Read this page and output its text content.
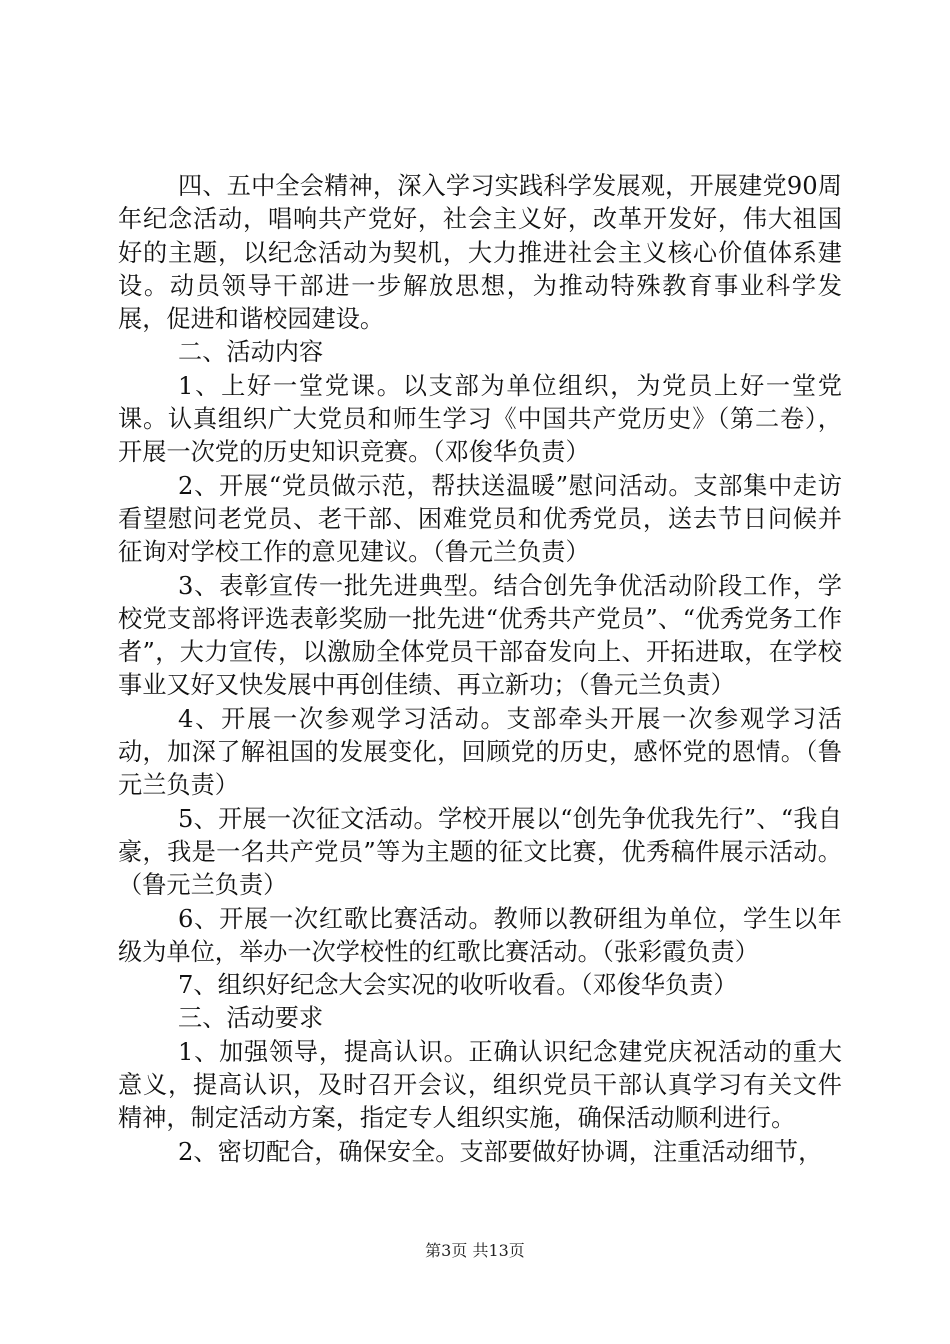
四、五中全会精神，深入学习实践科学发展观，开展建党90周年纪念活动，唱响共产党好，社会主义好，改革开发好，伟大祖国好的主题，以纪念活动为契机，大力推进社会主义核心价值体系建设。动员领导干部进一步解放思想，为推动特殊教育事业科学发展，促进和谐校园建设。

二、活动内容

1、上好一堂党课。以支部为单位组织，为党员上好一堂党课。认真组织广大党员和师生学习《中国共产党历史》（第二卷），开展一次党的历史知识竞赛。（邓俊华负责）

2、开展“党员做示范，帮扶送温暖”慰问活动。支部集中走访看望慰问老党员、老干部、困难党员和优秀党员，送去节日问候并征询对学校工作的意见建议。（鲁元兰负责）

3、表彰宣传一批先进典型。结合创先争优活动阶段工作，学校党支部将评选表彰奖励一批先进“优秀共产党员”、“优秀党务工作者”，大力宣传，以激励全体党员干部奋发向上、开拓进取，在学校事业又好又快发展中再创佳绩、再立新功；（鲁元兰负责）

4、开展一次参观学习活动。支部牵头开展一次参观学习活动，加深了解祖国的发展变化，回顾党的历史，感怀党的恩情。（鲁元兰负责）

5、开展一次征文活动。学校开展以“创先争优我先行”、“我自豪，我是一名共产党员”等为主题的征文比赛，优秀稿件展示活动。（鲁元兰负责）

6、开展一次红歌比赛活动。教师以教研组为单位，学生以年级为单位，举办一次学校性的红歌比赛活动。（张彩霞负责）

7、组织好纪念大会实况的收听收看。（邓俊华负责）

三、活动要求

1、加强领导，提高认识。正确认识纪念建党庆祝活动的重大意义，提高认识，及时召开会议，组织党员干部认真学习有关文件精神，制定活动方案，指定专人组织实施，确保活动顺利进行。

2、密切配合，确保安全。支部要做好协调，注重活动细节，

第3页 共13页
